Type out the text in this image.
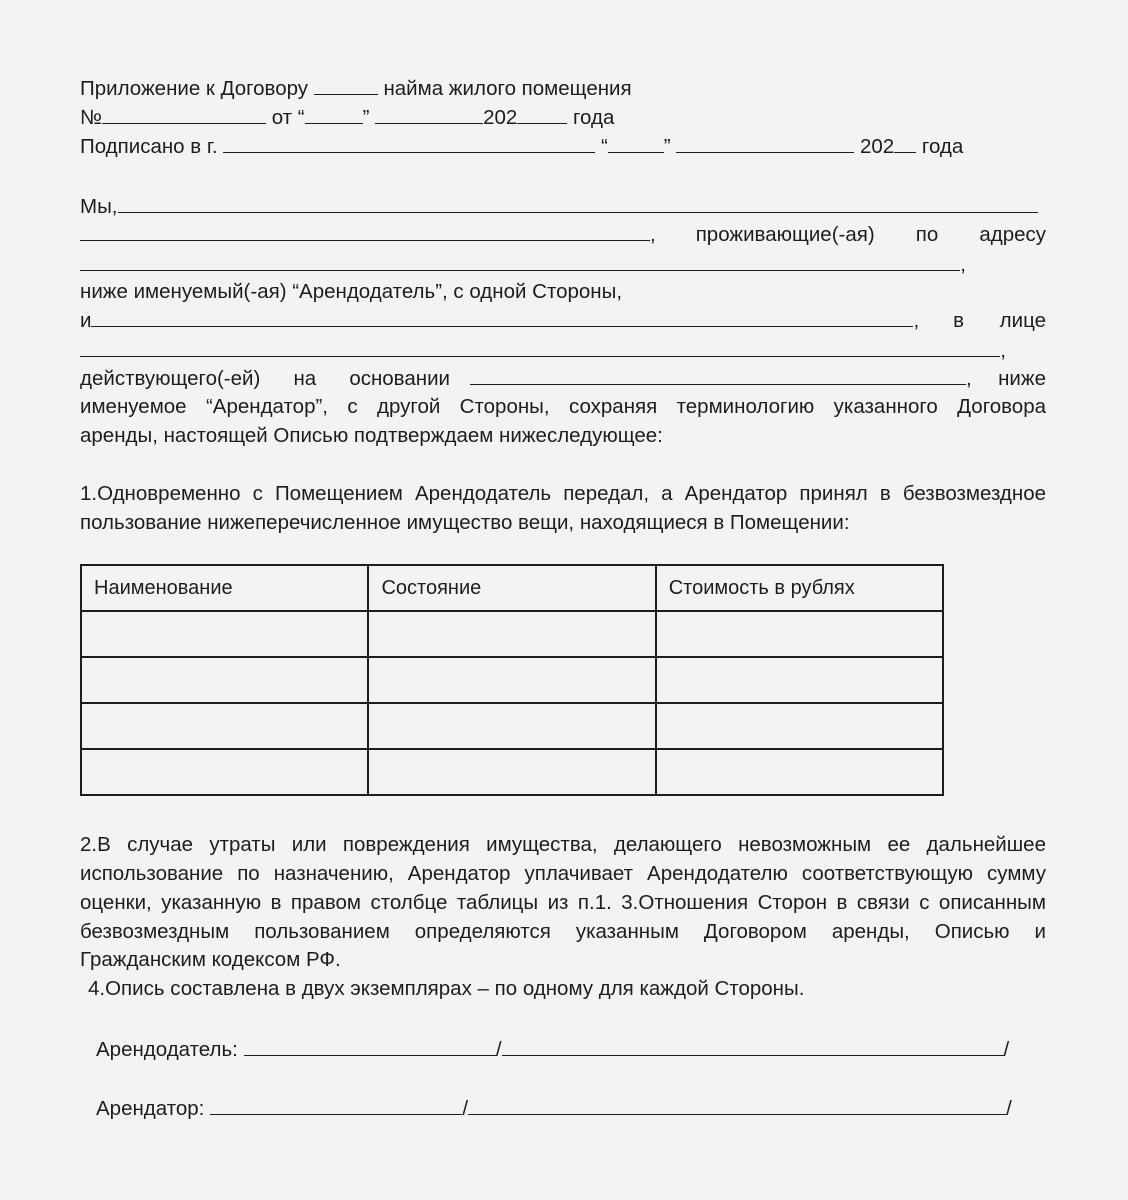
Приложение к Договору	найма жилого помещения
№	от “	”	202	года
Подписано в г.	“	”	202 года
Мы,
, проживающие(-ая) по адресу
,
ниже именуемый(-ая) “Арендодатель”, с одной Стороны,
и	, в лице
,
действующего(-ей) на основании	,	ниже
именуемое “Арендатор”, с другой Стороны, сохраняя терминологию указанного Договора
аренды, настоящей Описью подтверждаем нижеследующее:
1.Одновременно с Помещением Арендодатель передал, а Арендатор принял в безвозмездное
пользование нижеперечисленное имущество вещи, находящиеся в Помещении:
Наименование	Состояние	Стоимость в рублях

2.В случае утраты или повреждения имущества, делающего невозможным ее дальнейшее
использование по назначению, Арендатор уплачивает Арендодателю соответствующую сумму
оценки, указанную в правом столбце таблицы из п.1. 3.Отношения Сторон в связи с описанным
безвозмездным пользованием определяются указанным Договором аренды, Описью и
Гражданским кодексом РФ.
4.Опись составлена в двух экземплярах – по одному для каждой Стороны.
Арендодатель:	/	/
Арендатор:	/	/
